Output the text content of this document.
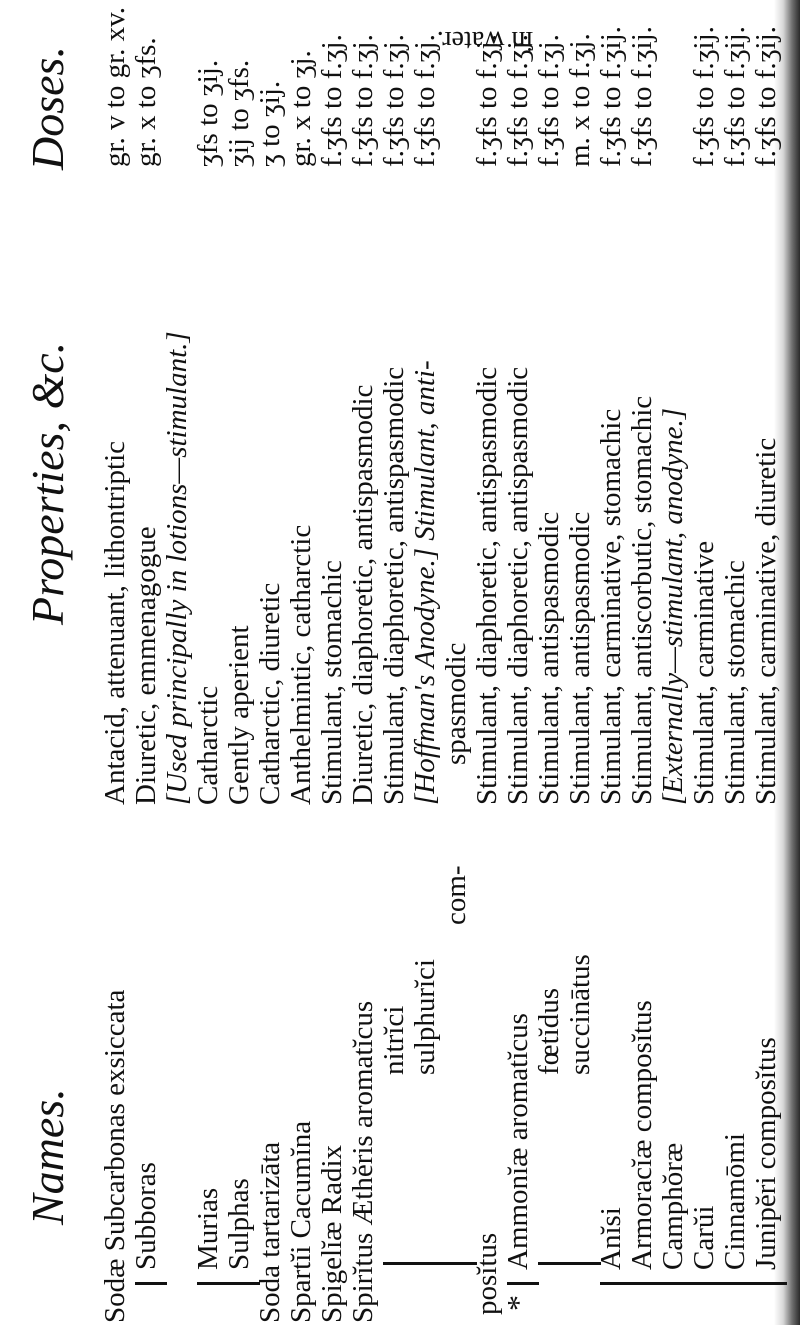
Names.
Properties, &c.
Doses.
Sodæ Subcarbonas exsiccata
Antacid, attenuant, lithontriptic
gr. v to gr. xv.
Subboras
Diuretic, emmenagogue
gr. x to ʒfs.
[Used principally in lotions—stimulant.]
Murias
Catharctic
ʒfs to ʒij.
Sulphas
Gently aperient
ʒij to ʒfs.
Soda tartarizāta
Catharctic, diuretic
ʒ to ʒij.
Spartĭi Cacumĭna
Anthelmintic, catharctic
gr. x to ʒj.
Spigelĭæ Radix
Stimulant, stomachic
f.ʒfs to f.ʒj.
Spirĭtus Æthĕris aromatĭcus
Diuretic, diaphoretic, antispasmodic
f.ʒfs to f.ʒj.
nitrĭci
Stimulant, diaphoretic, antispasmodic
f.ʒfs to f.ʒj.
sulphurĭci
[Hoffman's Anodyne.] Stimulant, anti-
f.ʒfs to f.ʒj.
com-
spasmodic
posĭtus
Stimulant, diaphoretic, antispasmodic
f.ʒfs to f.ʒj.
*
Ammonĭæ aromatĭcus
Stimulant, diaphoretic, antispasmodic
f.ʒfs to f.ʒj.
fœtĭdus
Stimulant, antispasmodic
f.ʒfs to f.ʒj.
succinātus
Stimulant, antispasmodic
m. x to f.ʒj.
Anĭsi
Stimulant, carminative, stomachic
f.ʒfs to f.ʒij.
Armoracĭæ composĭtus
Stimulant, antiscorbutic, stomachic
f.ʒfs to f.ʒij.
Camphŏræ
[Externally—stimulant, anodyne.]
Carŭi
Stimulant, carminative
f.ʒfs to f.ʒij.
Cinnamōmi
Stimulant, stomachic
f.ʒfs to f.ʒij.
Junipĕri composĭtus
Stimulant, carminative, diuretic
f.ʒfs to f.ʒij.
in water.
